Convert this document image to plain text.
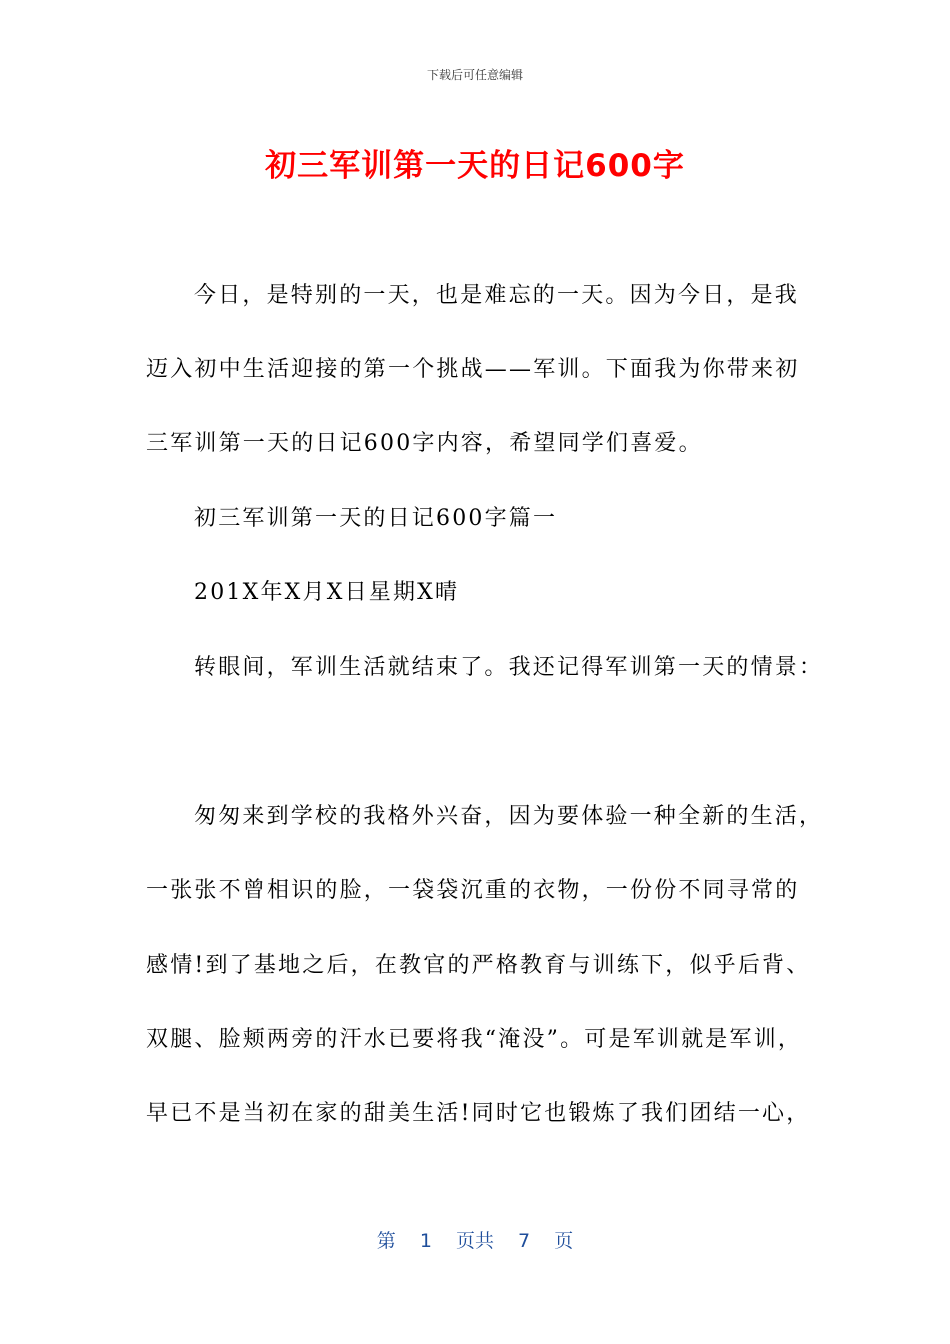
下载后可任意编辑
初三军训第一天的日记600字
今日，是特别的一天，也是难忘的一天。因为今日，是我
迈入初中生活迎接的第一个挑战——军训。下面我为你带来初
三军训第一天的日记600字内容，希望同学们喜爱。
初三军训第一天的日记600字篇一
201X年X月X日星期X晴
转眼间，军训生活就结束了。我还记得军训第一天的情景：
匆匆来到学校的我格外兴奋，因为要体验一种全新的生活，
一张张不曾相识的脸，一袋袋沉重的衣物，一份份不同寻常的
感情!到了基地之后，在教官的严格教育与训练下，似乎后背、
双腿、脸颊两旁的汗水已要将我“淹没”。可是军训就是军训，
早已不是当初在家的甜美生活!同时它也锻炼了我们团结一心，
第 1 页共 7 页
